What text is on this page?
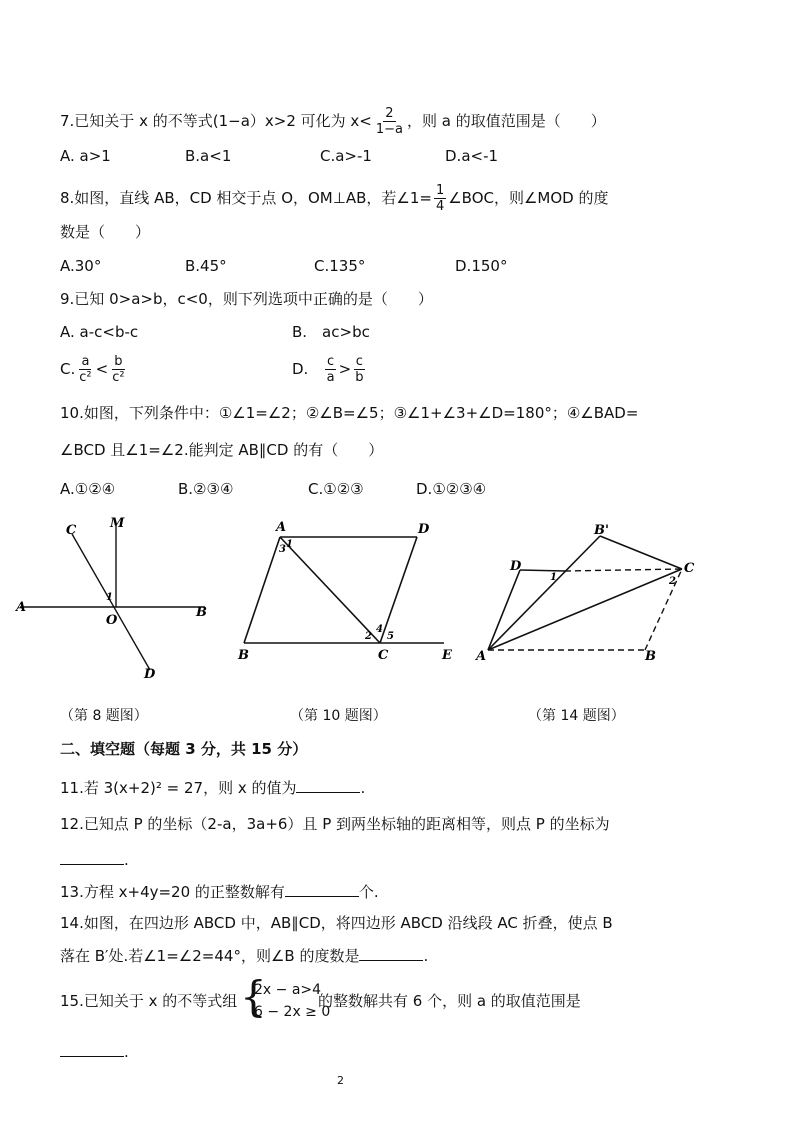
7.已知关于 x 的不等式(1−a）x>2 可化为 $x< \frac{2}{1-a}$ ，则 a 的取值范围是（　　）
A. a>1	B.a<1	C.a>-1	D.a<-1
8.如图，直线 AB，CD 相交于点 O，OM⊥AB，若∠1= $\frac{1}{4}$ ∠BOC，则∠MOD 的度
数是（　　）
A.30°	B.45°	C.135°	D.150°
9.已知 0>a>b，c<0，则下列选项中正确的是（　　）
A. a-c<b-c	B.　ac>bc
C. $\frac{a}{\text{c²}} < \frac{b}{\text{c²}}$	D. $\frac{c}{a} > \frac{c}{b}$
10.如图，下列条件中：①∠1=∠2；②∠B=∠5；③∠1+∠3+∠D=180°；④∠BAD=
∠BCD 且∠1=∠2.能判定 AB∥CD 的有（　　）
A.①②④	B.②③④	C.①②③	D.①②③④
C	M
A	B
O
D
1
（第 8 题图）
A	D
B	C	E
1
3
2
4
5
（第 10 题图）
B'
D	C
A	B
1	2
（第 14 题图）
二、填空题（每题 3 分，共 15 分）
11.若 3(x+2)² = 27，则 x 的值为	.
12.已知点 P 的坐标（2-a，3a+6）且 P 到两坐标轴的距离相等，则点 P 的坐标为
.
13.方程 x+4y=20 的正整数解有	个.
14.如图，在四边形 ABCD 中，AB∥CD，将四边形 ABCD 沿线段 AC 折叠，使点 B
落在 B′处.若∠1=∠2=44°，则∠B 的度数是	.
15.已知关于 x 的不等式组 {
2x − a>4
6 − 2x ≥ 0
的整数解共有 6 个，则 a 的取值范围是
.
2
